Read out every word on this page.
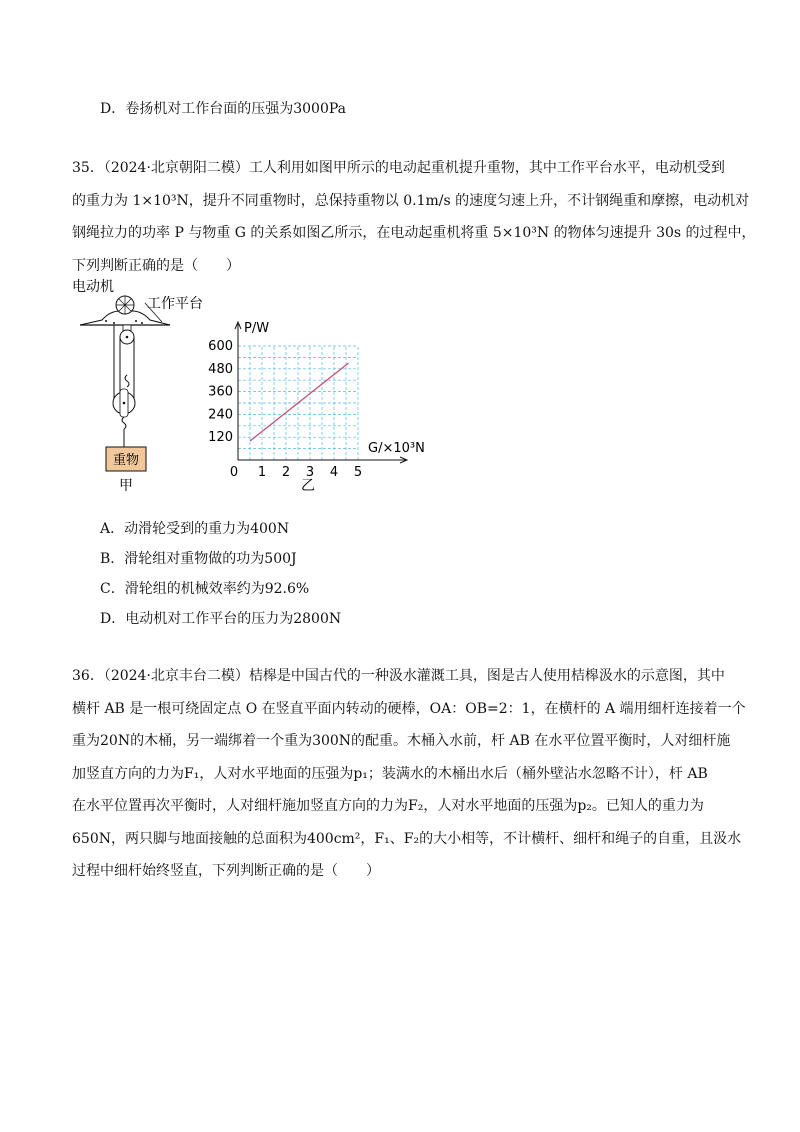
D．卷扬机对工作台面的压强为3000Pa
35．（2024·北京朝阳二模）工人利用如图甲所示的电动起重机提升重物，其中工作平台水平，电动机受到
的重力为 1×10³N，提升不同重物时，总保持重物以 0.1m/s 的速度匀速上升，不计钢绳重和摩擦，电动机对
钢绳拉力的功率 P 与物重 G 的关系如图乙所示，在电动起重机将重 5×10³N 的物体匀速提升 30s 的过程中，
下列判断正确的是（　　）
电动机
工作平台
重物
甲
0 1 2 3 4 5
120
240
360
480
600
P/W
G/×10³N
乙
A．动滑轮受到的重力为400N
B．滑轮组对重物做的功为500J
C．滑轮组的机械效率约为92.6%
D．电动机对工作平台的压力为2800N
36．（2024·北京丰台二模）桔槔是中国古代的一种汲水灌溉工具，图是古人使用桔槔汲水的示意图，其中
横杆 AB 是一根可绕固定点 O 在竖直平面内转动的硬棒，OA：OB=2：1，在横杆的 A 端用细杆连接着一个
重为20N的木桶，另一端绑着一个重为300N的配重。木桶入水前，杆 AB 在水平位置平衡时，人对细杆施
加竖直方向的力为F₁，人对水平地面的压强为p₁；装满水的木桶出水后（桶外壁沾水忽略不计），杆 AB
在水平位置再次平衡时，人对细杆施加竖直方向的力为F₂，人对水平地面的压强为p₂。已知人的重力为
650N，两只脚与地面接触的总面积为400cm²，F₁、F₂的大小相等，不计横杆、细杆和绳子的自重，且汲水
过程中细杆始终竖直，下列判断正确的是（　　）
